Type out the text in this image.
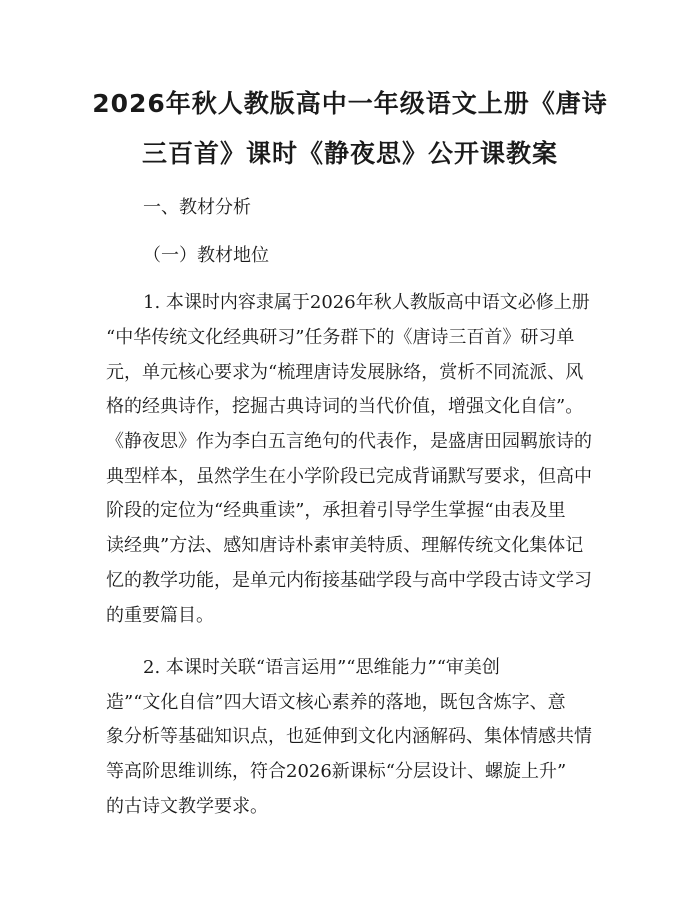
2026年秋人教版高中一年级语文上册《唐诗
三百首》课时《静夜思》公开课教案
一、教材分析
（一）教材地位
1. 本课时内容隶属于2026年秋人教版高中语文必修上册
“中华传统文化经典研习”任务群下的《唐诗三百首》研习单
元，单元核心要求为“梳理唐诗发展脉络，赏析不同流派、风
格的经典诗作，挖掘古典诗词的当代价值，增强文化自信”。
《静夜思》作为李白五言绝句的代表作，是盛唐田园羁旅诗的
典型样本，虽然学生在小学阶段已完成背诵默写要求，但高中
阶段的定位为“经典重读”，承担着引导学生掌握“由表及里
读经典”方法、感知唐诗朴素审美特质、理解传统文化集体记
忆的教学功能，是单元内衔接基础学段与高中学段古诗文学习
的重要篇目。
2. 本课时关联“语言运用”“思维能力”“审美创
造”“文化自信”四大语文核心素养的落地，既包含炼字、意
象分析等基础知识点，也延伸到文化内涵解码、集体情感共情
等高阶思维训练，符合2026新课标“分层设计、螺旋上升”
的古诗文教学要求。
